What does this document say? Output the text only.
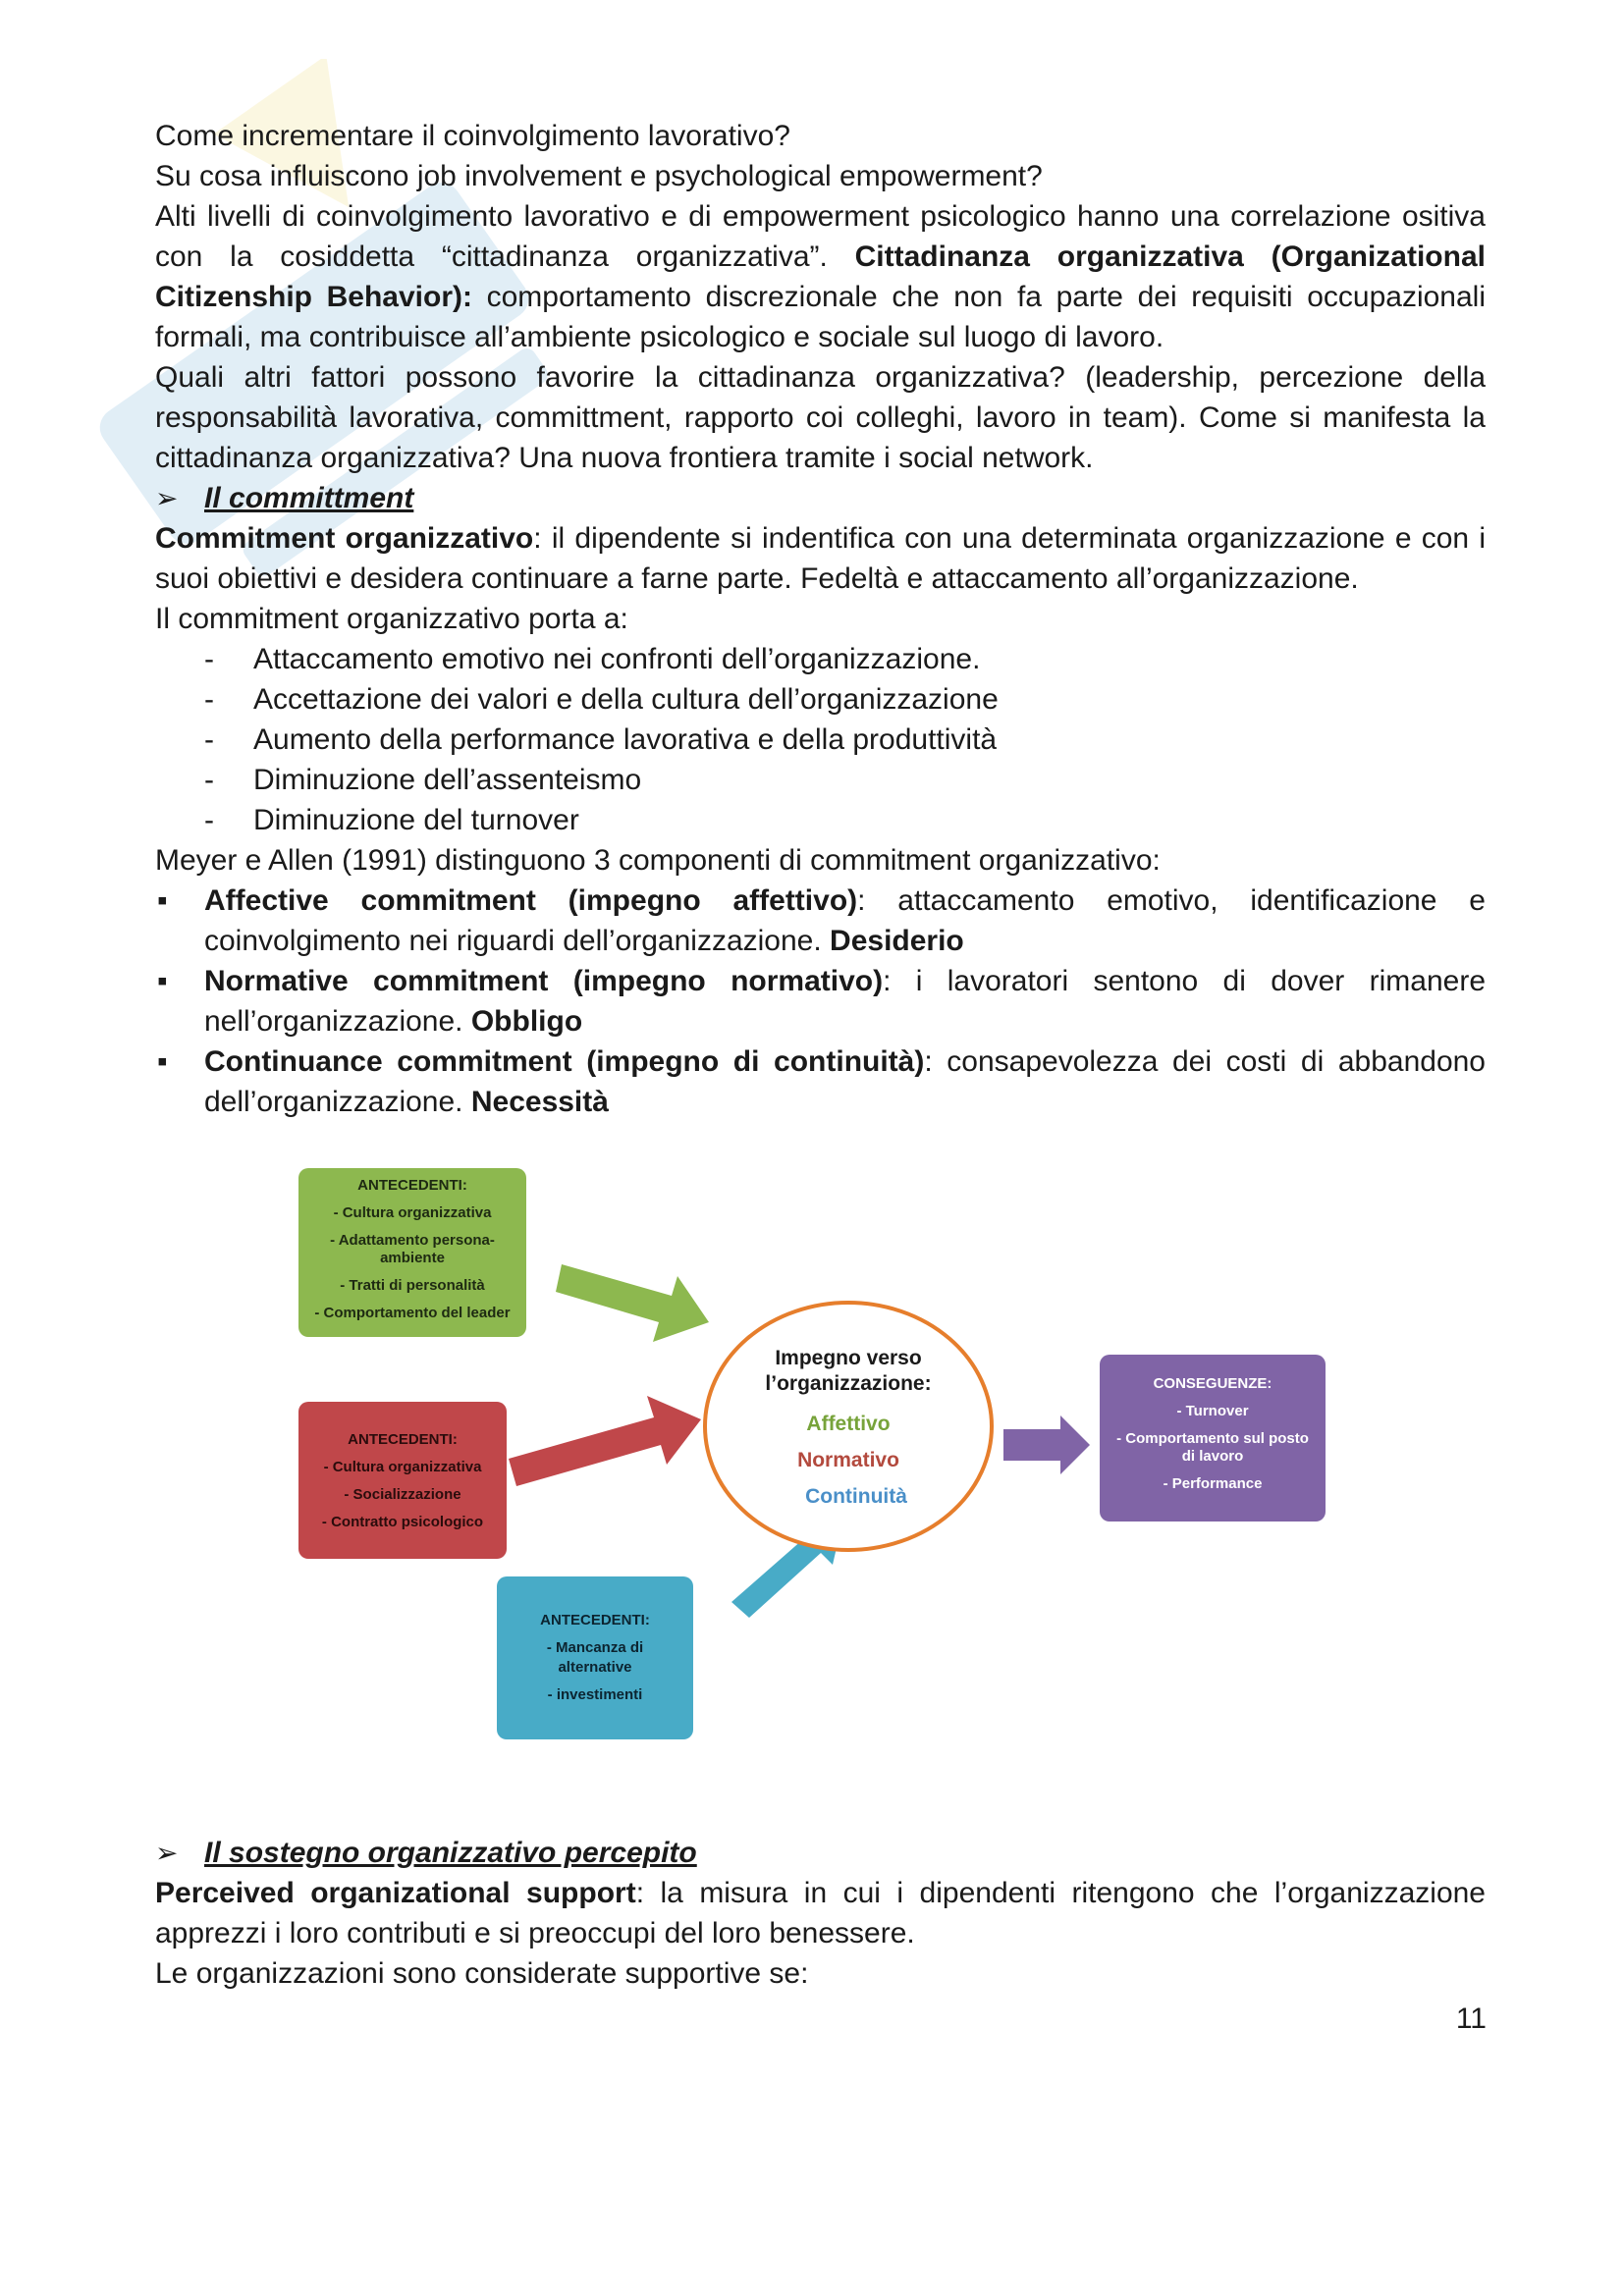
Come incrementare il coinvolgimento lavorativo?

Su cosa influiscono job involvement e psychological empowerment?

Alti livelli di coinvolgimento lavorativo e di empowerment psicologico hanno una correlazione ositiva con la cosiddetta “cittadinanza organizzativa”. Cittadinanza organizzativa (Organizational Citizenship Behavior): comportamento discrezionale che non fa parte dei requisiti occupazionali formali, ma contribuisce all’ambiente psicologico e sociale sul luogo di lavoro.

Quali altri fattori possono favorire la cittadinanza organizzativa? (leadership, percezione della responsabilità lavorativa, committment, rapporto coi colleghi, lavoro in team). Come si manifesta la cittadinanza organizzativa? Una nuova frontiera tramite i social network.

➢ Il committment

Commitment organizzativo: il dipendente si indentifica con una determinata organizzazione e con i suoi obiettivi e desidera continuare a farne parte. Fedeltà e attaccamento all’organizzazione.

Il commitment organizzativo porta a:

- Attaccamento emotivo nei confronti dell’organizzazione.
- Accettazione dei valori e della cultura dell’organizzazione
- Aumento della performance lavorativa e della produttività
- Diminuzione dell’assenteismo
- Diminuzione del turnover

Meyer e Allen (1991) distinguono 3 componenti di commitment organizzativo:

▪ Affective commitment (impegno affettivo): attaccamento emotivo, identificazione e coinvolgimento nei riguardi dell’organizzazione. Desiderio
▪ Normative commitment (impegno normativo): i lavoratori sentono di dover rimanere nell’organizzazione. Obbligo
▪ Continuance commitment (impegno di continuità): consapevolezza dei costi di abbandono dell’organizzazione. Necessità
ANTECEDENTI:
- Cultura organizzativa
- Adattamento persona-
ambiente
- Tratti di personalità
- Comportamento del leader
ANTECEDENTI:
- Cultura organizzativa
- Socializzazione
- Contratto psicologico
ANTECEDENTI:
- Mancanza di
alternative
- investimenti
Impegno verso
l’organizzazione:
Affettivo
Normativo
Continuità
CONSEGUENZE:
- Turnover
- Comportamento sul posto
di lavoro
- Performance
➢ Il sostegno organizzativo percepito

Perceived organizational support: la misura in cui i dipendenti ritengono che l’organizzazione apprezzi i loro contributi e si preoccupi del loro benessere.

Le organizzazioni sono considerate supportive se:

11
